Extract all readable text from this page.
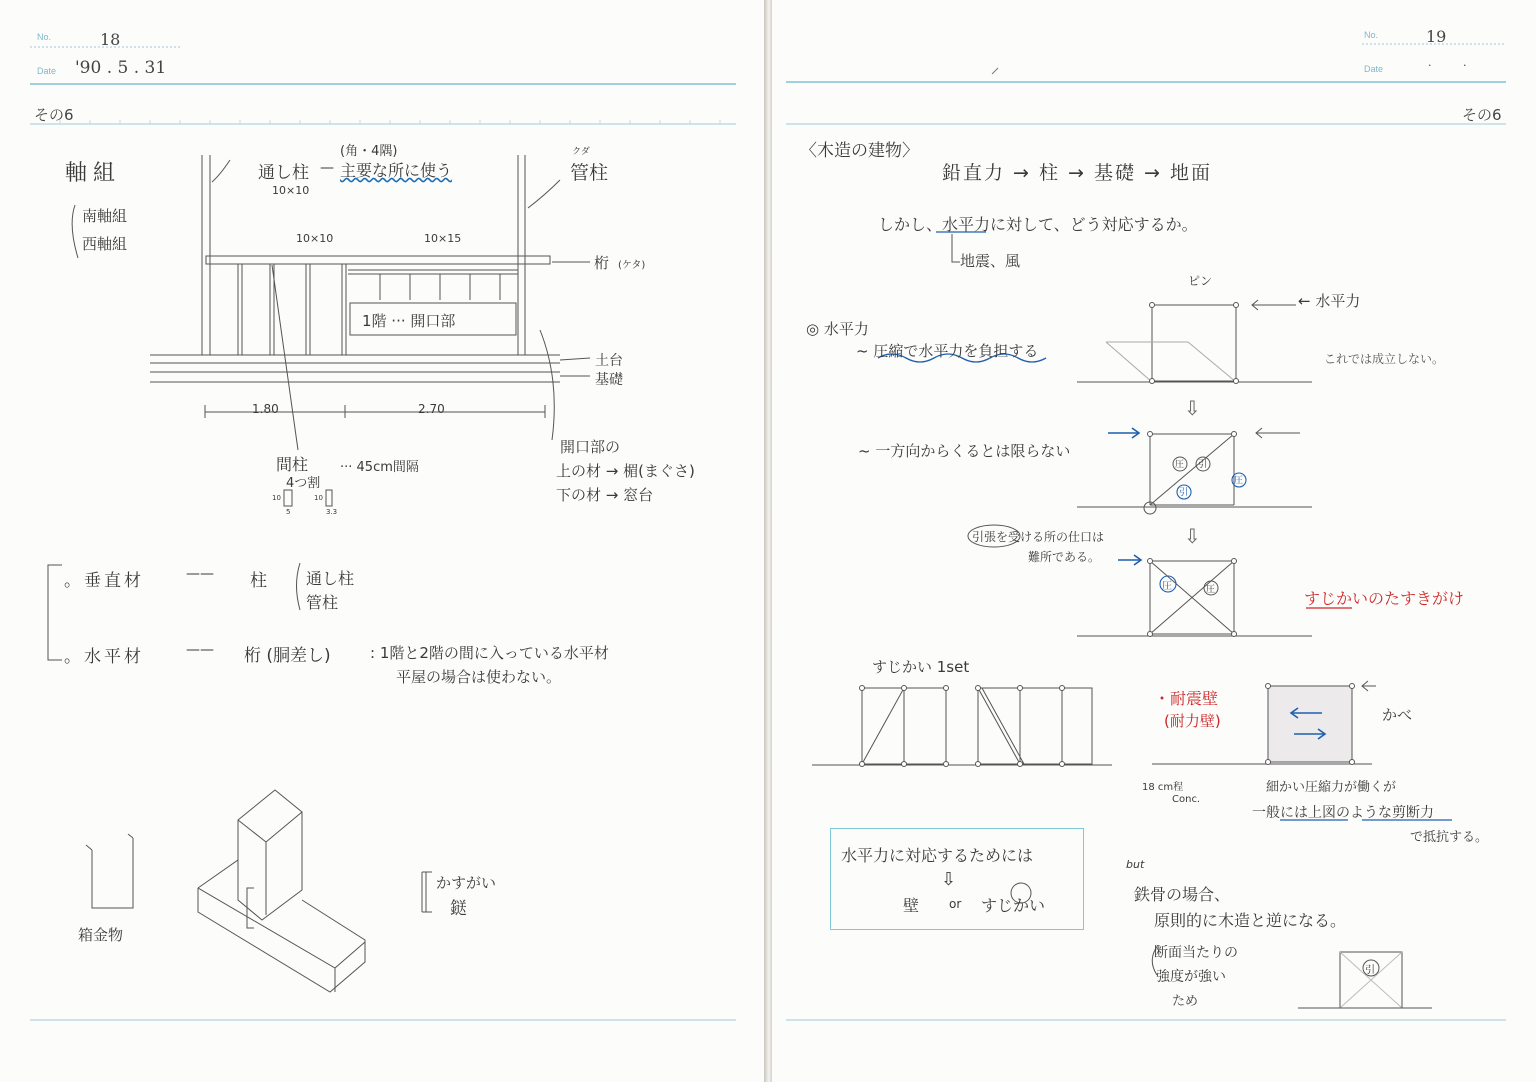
No.	18
Date '90 . 5 . 31
その6
軸組
南軸組
西軸組
(角・4隅)
通し柱 — 主要な所に使う
10×10
10×10	10×15
クダ
管柱
桁 (ケタ)
1階 ··· 開口部
土台
基礎
1.80	2.70
間柱
4つ割
··· 45cm間隔
10
5
10
3.3
開口部の
上の材 → 楣(まぐさ)
下の材 → 窓台
。垂直材	—— 柱 通し柱
管柱
。水平材	—— 桁 (胴差し)	: 1階と2階の間に入っている水平材
平屋の場合は使わない。
箱金物
かすがい
鎹
No.	19
Date	. .
その6
〈木造の建物〉
鉛直力 → 柱 → 基礎 → 地面
しかし、水平力に対して、どう対応するか。
地震、風
ピン
← 水平力
これでは成立しない。
◎ 水平力
~ 圧縮で水平力を負担する
⇩
~ 一方向からくるとは限らない
圧 引
引
圧
⇩
引張を受ける所の仕口は
難所である。
圧	圧	すじかいのたすきがけ
すじかい 1set
・耐震壁
(耐力壁)	かべ
18 cm程
Conc.
細かい圧縮力が働くが
一般には上図のような剪断力
で抵抗する。
水平力に対応するためには
⇩
壁 or すじかい
but
鉄骨の場合、
原則的に木造と逆になる。
断面当たりの
強度が強い
ため
引
